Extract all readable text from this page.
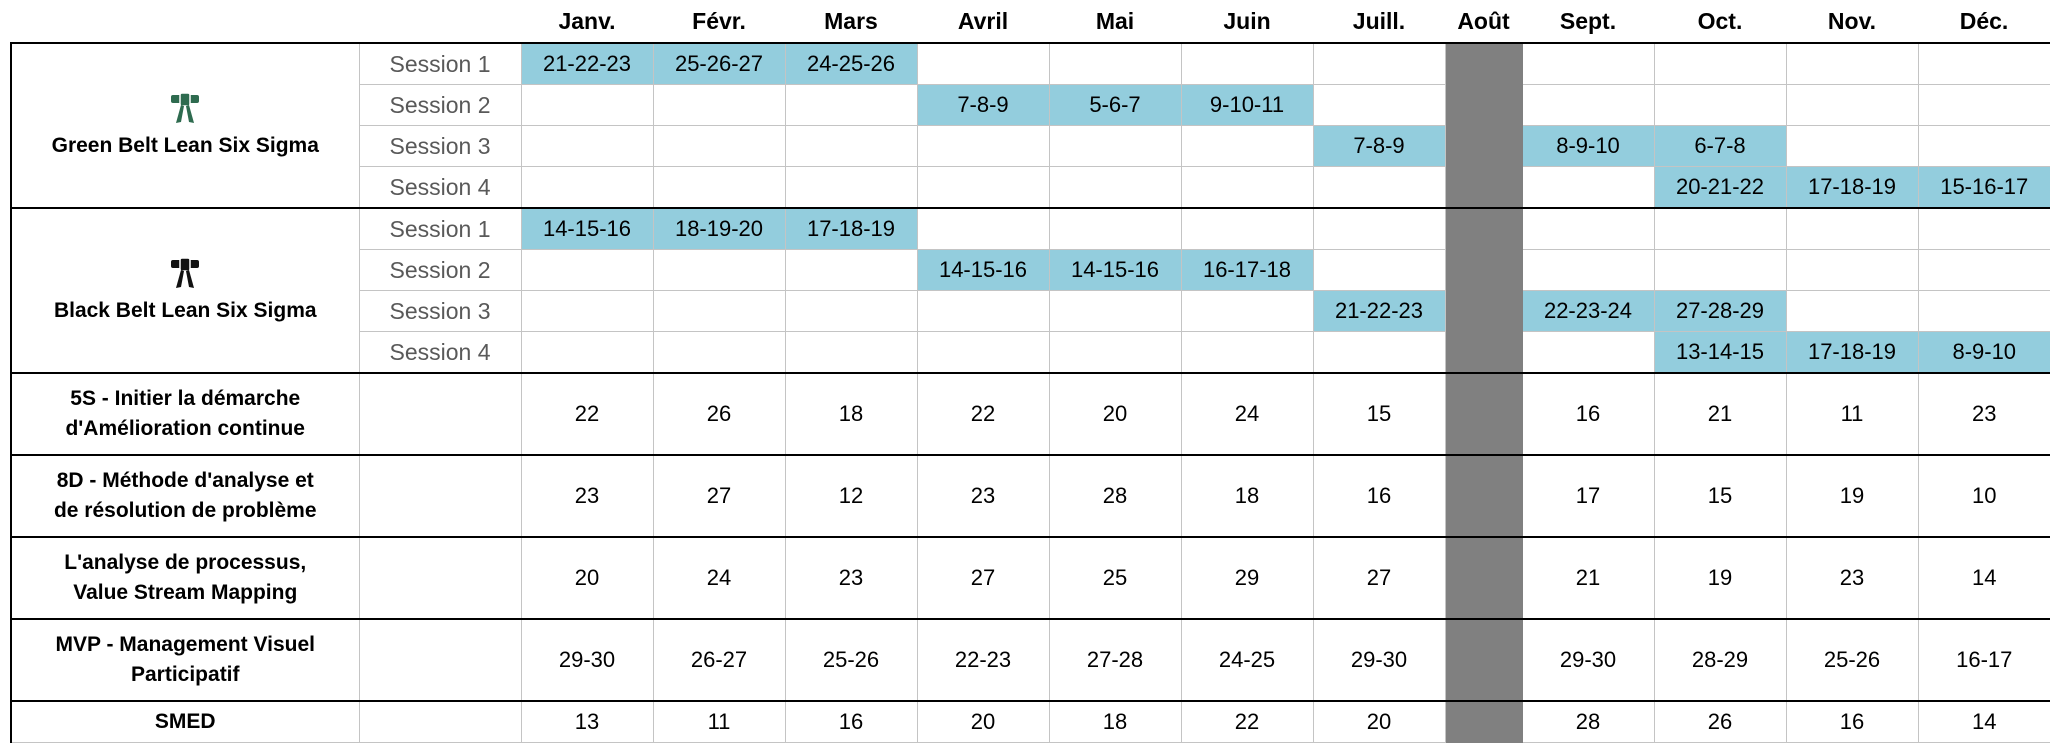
		Janv.	Févr.	Mars	Avril	Mai	Juin	Juill.	Août	Sept.	Oct.	Nov.	Déc.

Green Belt Lean Six Sigma	Session 1	21-22-23	25-26-27	24-25-26									
	Session 2				7-8-9	5-6-7	9-10-11						
	Session 3							7-8-9		8-9-10	6-7-8		
	Session 4										20-21-22	17-18-19	15-16-17

Black Belt Lean Six Sigma	Session 1	14-15-16	18-19-20	17-18-19									
	Session 2				14-15-16	14-15-16	16-17-18						
	Session 3							21-22-23		22-23-24	27-28-29		
	Session 4										13-14-15	17-18-19	8-9-10
5S - Initier la démarche
d'Amélioration continue		22	26	18	22	20	24	15		16	21	11	23
8D - Méthode d'analyse et
de résolution de problème		23	27	12	23	28	18	16		17	15	19	10
L'analyse de processus,
Value Stream Mapping		20	24	23	27	25	29	27		21	19	23	14
MVP - Management Visuel
Participatif		29-30	26-27	25-26	22-23	27-28	24-25	29-30		29-30	28-29	25-26	16-17
SMED		13	11	16	20	18	22	20		28	26	16	14
